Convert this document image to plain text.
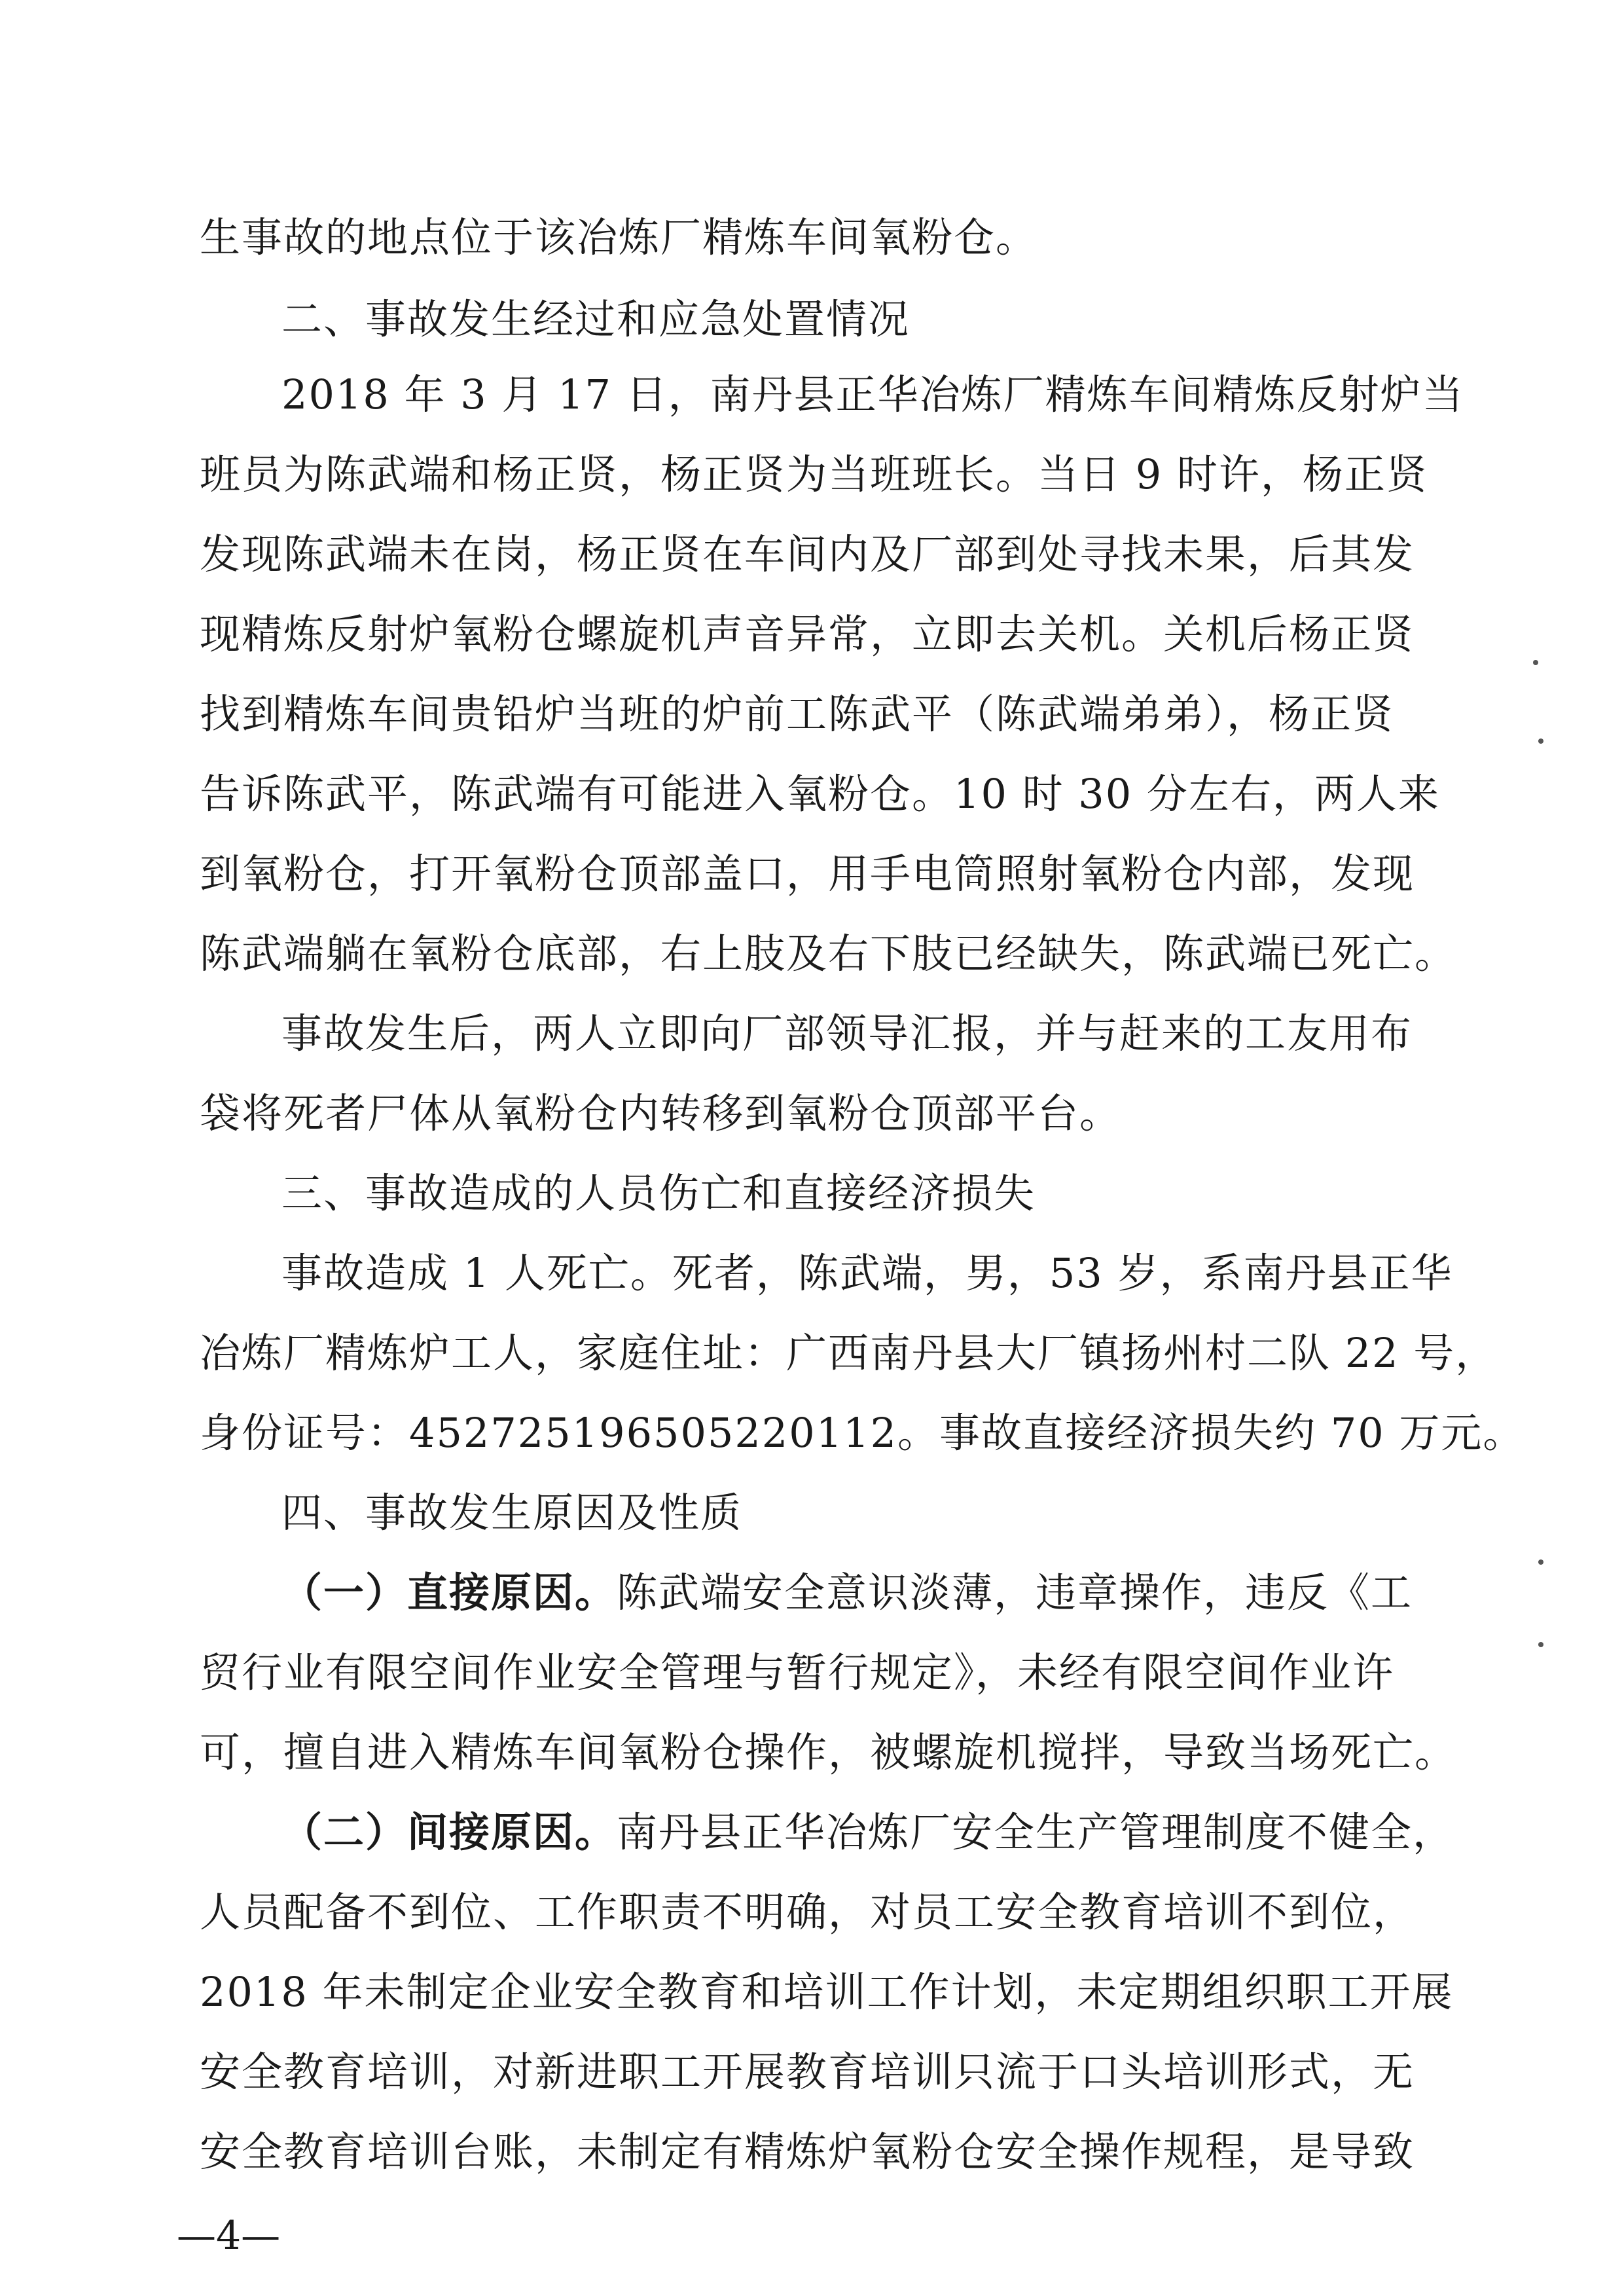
生事故的地点位于该冶炼厂精炼车间氧粉仓。
二、事故发生经过和应急处置情况
2018 年 3 月 17 日，南丹县正华冶炼厂精炼车间精炼反射炉当
班员为陈武端和杨正贤，杨正贤为当班班长。当日 9 时许，杨正贤
发现陈武端未在岗，杨正贤在车间内及厂部到处寻找未果，后其发
现精炼反射炉氧粉仓螺旋机声音异常，立即去关机。关机后杨正贤
找到精炼车间贵铅炉当班的炉前工陈武平（陈武端弟弟），杨正贤
告诉陈武平，陈武端有可能进入氧粉仓。10 时 30 分左右，两人来
到氧粉仓，打开氧粉仓顶部盖口，用手电筒照射氧粉仓内部，发现
陈武端躺在氧粉仓底部，右上肢及右下肢已经缺失，陈武端已死亡。
事故发生后，两人立即向厂部领导汇报，并与赶来的工友用布
袋将死者尸体从氧粉仓内转移到氧粉仓顶部平台。
三、事故造成的人员伤亡和直接经济损失
事故造成 1 人死亡。死者，陈武端，男，53 岁，系南丹县正华
冶炼厂精炼炉工人，家庭住址：广西南丹县大厂镇扬州村二队 22 号，
身份证号：452725196505220112。事故直接经济损失约 70 万元。
四、事故发生原因及性质
（一）直接原因。陈武端安全意识淡薄，违章操作，违反《工
贸行业有限空间作业安全管理与暂行规定》，未经有限空间作业许
可，擅自进入精炼车间氧粉仓操作，被螺旋机搅拌，导致当场死亡。
（二）间接原因。南丹县正华冶炼厂安全生产管理制度不健全，
人员配备不到位、工作职责不明确，对员工安全教育培训不到位，
2018 年未制定企业安全教育和培训工作计划，未定期组织职工开展
安全教育培训，对新进职工开展教育培训只流于口头培训形式，无
安全教育培训台账，未制定有精炼炉氧粉仓安全操作规程，是导致
—4—
